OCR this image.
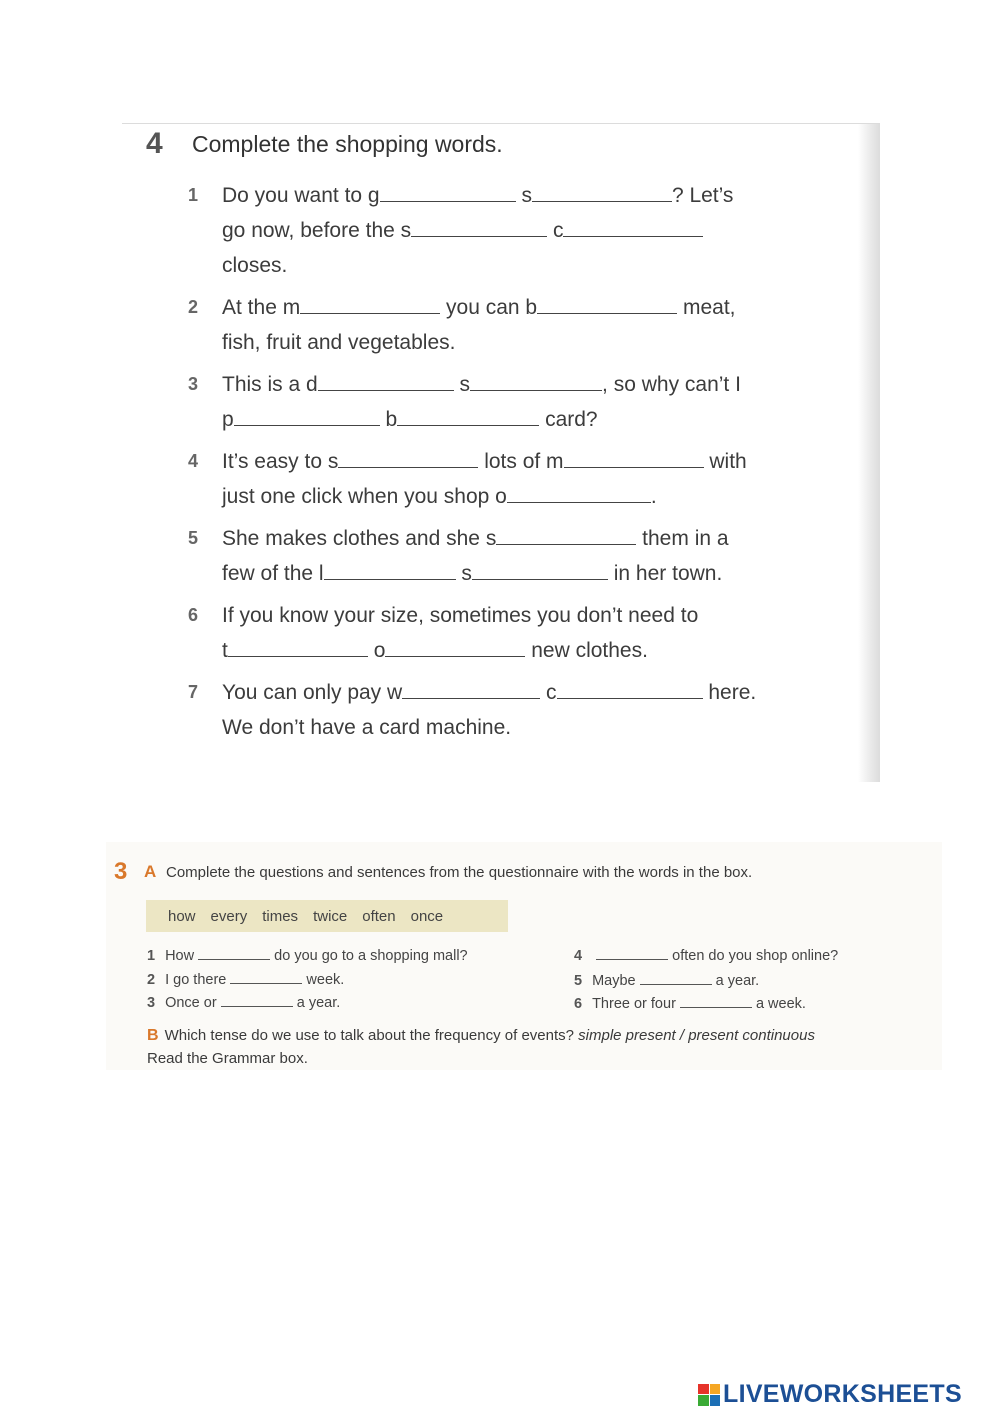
4	Complete the shopping words.
1 Do you want to g	s	? Let’s
go now, before the s	c
closes.
2 At the m	you can b	meat,
fish, fruit and vegetables.
3 This is a d	s	, so why can’t I
p	b	card?
4 It’s easy to s	lots of m	with
just one click when you shop o	.
5 She makes clothes and she s	them in a
few of the l	s	in her town.
6 If you know your size, sometimes you don’t need to
t	o	new clothes.
7 You can only pay w	c	here.
We don’t have a card machine.
3 A Complete the questions and sentences from the questionnaire with the words in the box.
how every times twice often once
1 How	do you go to a shopping mall?
2 I go there	week.
3 Once or	a year.
4	often do you shop online?
5 Maybe	a year.
6 Three or four	a week.
B Which tense do we use to talk about the frequency of events? simple present / present continuous
Read the Grammar box.
LIVEWORKSHEETS
